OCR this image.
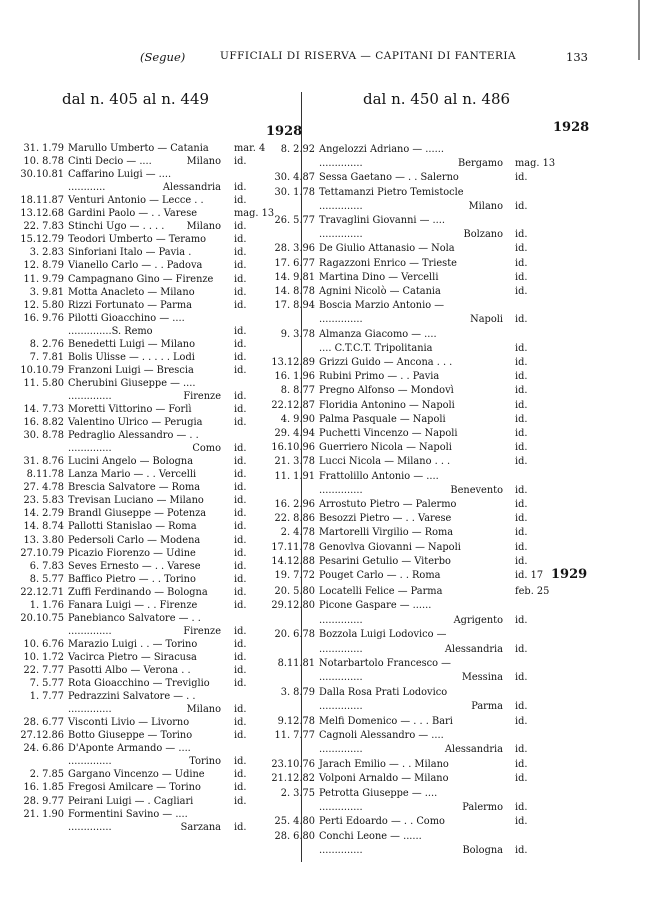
(Segue)	UFFICIALI DI RISERVA — CAPITANI DI FANTERIA	133
dal n. 405 al n. 449	dal n. 450 al n. 486
1928
31. 1.79 Marullo Umberto — Catania	mar. 4
10. 8.78 Cinti Decio — ....	Milano id.
30.10.81 Caffarino Luigi — ....
............	Alessandria id.
18.11.87 Venturi Antonio — Lecce . .	id.
13.12.68 Gardini Paolo — . . Varese	mag. 13
22. 7.83 Stinchi Ugo — . . . . Milano id.
15.12.79 Teodori Umberto — Teramo	id.
3. 2.83 Sinforiani Italo — Pavia .	id.
12. 8.79 Vianello Carlo — . . Padova	id.
11. 9.79 Campagnano Gino — Firenze id.
3. 9.81 Motta Anacleto — Milano	id.
12. 5.80 Rizzi Fortunato — Parma	id.
16. 9.76 Pilotti Gioacchino — ....
..............S. Remo	id.
8. 2.76 Benedetti Luigi — Milano	id.
7. 7.81 Bolis Ulisse — . . . . . Lodi	id.
10.10.79 Franzoni Luigi — Brescia	id.
11. 5.80 Cherubini Giuseppe — ....
..............	Firenze id.
14. 7.73 Moretti Vittorino — Forlì	id.
16. 8.82 Valentino Ulrico — Perugia	id.
30. 8.78 Pedraglio Alessandro — . .
..............	Como id.
31. 8.76 Lucini Angelo — Bologna	id.
8.11.78 Lanza Mario — . . Vercelli	id.
27. 4.78 Brescia Salvatore — Roma	id.
23. 5.83 Trevisan Luciano — Milano	id.
14. 2.79 Brandl Giuseppe — Potenza	id.
14. 8.74 Pallotti Stanislao — Roma	id.
13. 3.80 Pedersoli Carlo — Modena	id.
27.10.79 Picazio Fiorenzo — Udine	id.
6. 7.83 Seves Ernesto — . . Varese	id.
8. 5.77 Baffico Pietro — . . Torino	id.
22.12.71 Zuffi Ferdinando — Bologna	id.
1. 1.76 Fanara Luigi — . . Firenze	id.
20.10.75 Panebianco Salvatore — . .
..............	Firenze id.
10. 6.76 Marazio Luigi . . — Torino	id.
10. 1.72 Vacirca Pietro — Siracusa	id.
22. 7.77 Pasotti Albo — Verona . .	id.
7. 5.77 Rota Gioacchino — Treviglio id.
1. 7.77 Pedrazzini Salvatore — . .
..............	Milano id.
28. 6.77 Visconti Livio — Livorno	id.
27.12.86 Botto Giuseppe — Torino	id.
24. 6.86 D'Aponte Armando — ....
..............	Torino id.
2. 7.85 Gargano Vincenzo — Udine	id.
16. 1.85 Fregosi Amilcare — Torino	id.
28. 9.77 Peirani Luigi — . Cagliari	id.
21. 1.90 Formentini Savino — ....
..............	Sarzana id.
1928
8. 2.92 Angelozzi Adriano — ......
..............	Bergamo mag. 13
30. 4.87 Sessa Gaetano — . . Salerno	id.
30. 1.78 Tettamanzi Pietro Temistocle
..............	Milano id.
26. 5.77 Travaglini Giovanni — ....
..............	Bolzano id.
28. 3.96 De Giulio Attanasio — Nola	id.
17. 6.77 Ragazzoni Enrico — Trieste	id.
14. 9.81 Martina Dino — Vercelli	id.
14. 8.78 Agnini Nicolò — Catania	id.
17. 8.94 Boscia Marzio Antonio —
..............	Napoli id.
9. 3.78 Almanza Giacomo — ....
.... C.T.C.T. Tripolitania	id.
13.12.89 Grizzi Guido — Ancona . . .	id.
16. 1.96 Rubini Primo — . . Pavia	id.
8. 8.77 Pregno Alfonso — Mondovì	id.
22.12.87 Floridia Antonino — Napoli	id.
4. 9.90 Palma Pasquale — Napoli	id.
29. 4.94 Puchetti Vincenzo — Napoli	id.
16.10.96 Guerriero Nicola — Napoli	id.
21. 3.78 Lucci Nicola — Milano . . .	id.
11. 1.91 Frattolillo Antonio — ....
..............	Benevento id.
16. 2.96 Arrostuto Pietro — Palermo	id.
22. 8.86 Besozzi Pietro — . . Varese	id.
2. 4.78 Martorelli Virgilio — Roma	id.
17.11.78 Genovlva Giovanni — Napoli	id.
14.12.88 Pesarini Getulio — Viterbo	id.
19. 7.72 Pouget Carlo — . . Roma	id. 17 1929
20. 5.80 Locatelli Felice — Parma	feb. 25
29.12.80 Picone Gaspare — ......
..............	Agrigento id.
20. 6.78 Bozzola Luigi Lodovico —
..............	Alessandria id.
8.11.81 Notarbartolo Francesco —
..............	Messina id.
3. 8.79 Dalla Rosa Prati Lodovico
..............	Parma id.
9.12.78 Melfi Domenico — . . . Bari	id.
11. 7.77 Cagnoli Alessandro — ....
..............	Alessandria id.
23.10.76 Jarach Emilio — . . Milano	id.
21.12.82 Volponi Arnaldo — Milano	id.
2. 3.75 Petrotta Giuseppe — ....
..............	Palermo id.
25. 4.80 Perti Edoardo — . . Como	id.
28. 6.80 Conchi Leone — ......
..............	Bologna id.
